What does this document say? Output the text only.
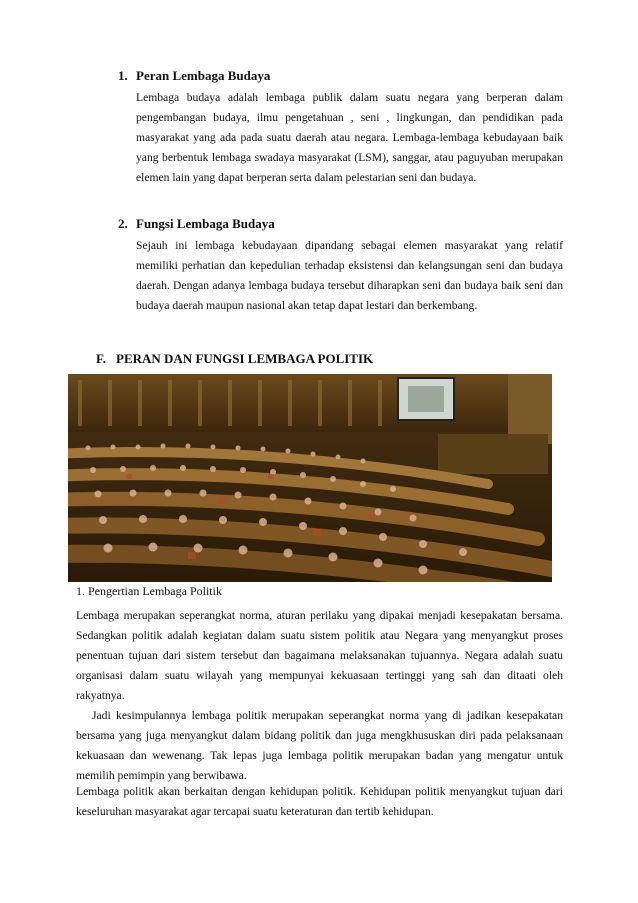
1. Peran Lembaga Budaya

Lembaga budaya adalah lembaga publik dalam suatu negara yang berperan dalam pengembangan budaya, ilmu pengetahuan , seni , lingkungan, dan pendidikan pada masyarakat yang ada pada suatu daerah atau negara. Lembaga-lembaga kebudayaan baik yang berbentuk lembaga swadaya masyarakat (LSM), sanggar, atau paguyuban merupakan elemen lain yang dapat berperan serta dalam pelestarian seni dan budaya.

2. Fungsi Lembaga Budaya

Sejauh ini lembaga kebudayaan dipandang sebagai elemen masyarakat yang relatif memiliki perhatian dan kepedulian terhadap eksistensi dan kelangsungan seni dan budaya daerah. Dengan adanya lembaga budaya tersebut diharapkan seni dan budaya baik seni dan budaya daerah maupun nasional akan tetap dapat lestari dan berkembang.

F. PERAN DAN FUNGSI LEMBAGA POLITIK

1. Pengertian Lembaga Politik

Lembaga merupakan seperangkat norma, aturan perilaku yang dipakai menjadi kesepakatan bersama. Sedangkan politik adalah kegiatan dalam suatu sistem politik atau Negara yang menyangkut proses penentuan tujuan dari sistem tersebut dan bagaimana melaksanakan tujuannya. Negara adalah suatu organisasi dalam suatu wilayah yang mempunyai kekuasaan tertinggi yang sah dan ditaati oleh rakyatnya.

Jadi kesimpulannya lembaga politik merupakan seperangkat norma yang di jadikan kesepakatan bersama yang juga menyangkut dalam bidang politik dan juga mengkhususkan diri pada pelaksanaan kekuasaan dan wewenang. Tak lepas juga lembaga politik merupakan badan yang mengatur untuk memilih pemimpin yang berwibawa.

Lembaga politik akan berkaitan dengan kehidupan politik. Kehidupan politik menyangkut tujuan dari keseluruhan masyarakat agar tercapai suatu keteraturan dan tertib kehidupan.
